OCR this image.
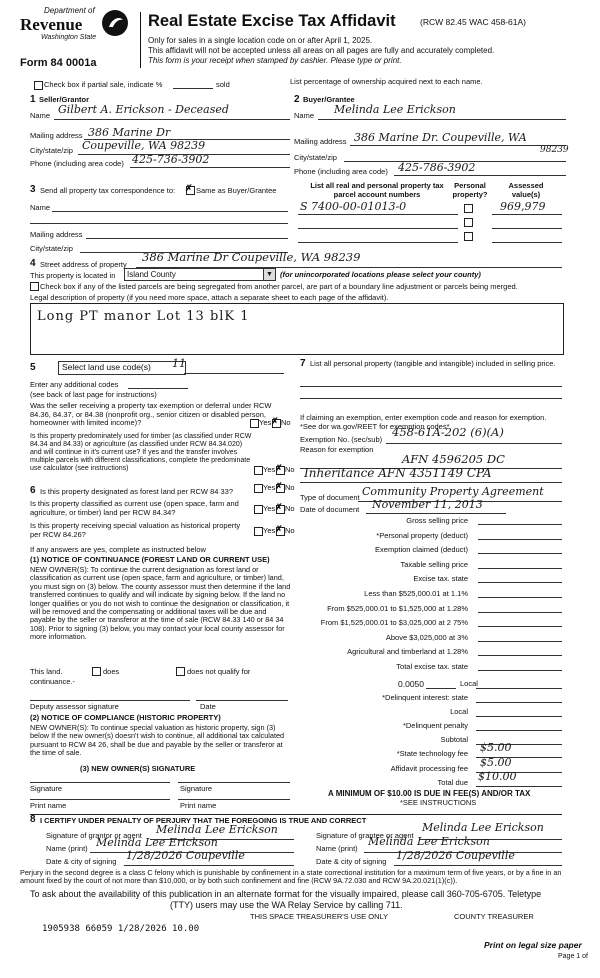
Department of
Revenue
Washington State
Form 84 0001a
Real Estate Excise Tax Affidavit	(RCW 82.45 WAC 458-61A)
Only for sales in a single location code on or after April 1, 2025.
This affidavit will not be accepted unless all areas on all pages are fully and accurately completed.
This form is your receipt when stamped by cashier. Please type or print.
Check box if partial sale, indicate %	sold	List percentage of ownership acquired next to each name.
1 Seller/Grantor
Name Gilbert A. Erickson - Deceased
Mailing address 386 Marine Dr
City/state/zip Coupeville, WA 98239
Phone (including area code) 425-736-3902
2 Buyer/Grantee
Name Melinda Lee Erickson
Mailing address 386 Marine Dr. Coupeville, WA
City/state/zip
98239
Phone (including area code) 425-786-3902
3 Send all property tax correspondence to: ✗ Same as Buyer/Grantee
Name
Mailing address
City/state/zip
List all real and personal property tax parcel account numbers
Personal property?
Assessed value(s)
S 7400-00-01013-0	969,979
4 Street address of property
386 Marine Dr Coupeville, WA 98239
This property is located in Island County	▼ (for unincorporated locations please select your county)
Check box if any of the listed parcels are being segregated from another parcel, are part of a boundary line adjustment or parcels being merged.
Legal description of property (if you need more space, attach a separate sheet to each page of the affidavit).
Long PT manor Lot 13 blK 1
5	Select land use code(s) 11
Enter any additional codes
(see back of last page for instructions)
Was the seller receiving a property tax exemption or deferral under RCW 84.36, 84.37, or 84.38 (nonprofit org., senior citizen or disabled person, homeowner with limited income)?	Yes ✗ No
Is this property predominately used for timber (as classified under RCW 84.34 and 84.33) or agriculture (as classified under RCW 84.34.020) and will continue in it's current use? If yes and the transfer involves multiple parcels with different classifications, complete the predominate use calculator (see instructions)	Yes ✗ No
6 Is this property designated as forest land per RCW 84 33?	Yes ✗ No
Is this property classified as current use (open space, farm and agriculture, or timber) land per RCW 84.34?	Yes ✗ No
Is this property receiving special valuation as historical property per RCW 84.26?	Yes ✗ No
If any answers are yes, complete as instructed below
(1) NOTICE OF CONTINUANCE (FOREST LAND OR CURRENT USE)
NEW OWNER(S): To continue the current designation as forest land or classification as current use (open space, farm and agriculture, or timber) land, you must sign on (3) below. The county assessor must then determine if the land transferred continues to qualify and will indicate by signing below. If the land no longer qualifies or you do not wish to continue the designation or classification, it will be removed and the compensating or additional taxes will be due and payable by the seller or transferor at the time of sale (RCW 84.33 140 or 84 34 108). Prior to signing (3) below, you may contact your local county assessor for more information.
This land.	does	does not qualify for
continuance.-
Deputy assessor signature	Date
(2) NOTICE OF COMPLIANCE (HISTORIC PROPERTY)
NEW OWNER(S): To continue special valuation as historic property, sign (3) below If the new owner(s) doesn't wish to continue, all additional tax calculated pursuant to RCW 84 26, shall be due and payable by the seller or transferor at the time of sale.
(3) NEW OWNER(S) SIGNATURE
Signature	Signature
Print name	Print name
7 List all personal property (tangible and intangible) included in selling price.
If claiming an exemption, enter exemption code and reason for exemption. *See dor wa.gov/REET for exemption codes*
Exemption No. (sec/sub)
458-61A-202 (6)(A)
Reason for exemption
AFN 4596205 DC
Inheritance AFN 4351149 CPA
Type of document Community Property Agreement
Date of document November 11, 2013
Gross selling price
*Personal property (deduct)
Exemption claimed (deduct)
Taxable selling price
Excise tax. state
Less than $525,000.01 at 1.1%
From $525,000.01 to $1,525,000 at 1.28%
From $1,525,000.01 to $3,025,000 at 2 75%
Above $3,025,000 at 3%
Agricultural and timberland at 1.28%
Total excise tax. state
0.0050	Local
*Delinquent interest: state
Local
*Delinquent penalty
Subtotal
*State technology fee $5.00
Affidavit processing fee $5.00
Total due $10.00
A MINIMUM OF $10.00 IS DUE IN FEE(S) AND/OR TAX
*SEE INSTRUCTIONS
8 I CERTIFY UNDER PENALTY OF PERJURY THAT THE FOREGOING IS TRUE AND CORRECT
Signature of grantor or agent Melinda Lee Erickson
Name (print) Melinda Lee Erickson
Date & city of signing 1/28/2026 Coupeville
Signature of grantee or agent
Melinda Lee Erickson
Name (print)
Melinda Lee Erickson
Date & city of signing 1/28/2026 Coupeville
Perjury in the second degree is a class C felony which is punishable by confinement in a state correctional institution for a maximum term of five years, or by a fine in an amount fixed by the court of not more than $10,000, or by both such confinement and fine (RCW 9A.72.030 and RCW 9A.20.021(1)(c)).
To ask about the availability of this publication in an alternate format for the visually impaired, please call 360-705-6705. Teletype
(TTY) users may use the WA Relay Service by calling 711.
THIS SPACE TREASURER'S USE ONLY	COUNTY TREASURER
1905938 66059 1/28/2026 10.00
Print on legal size paper
Page 1 of
